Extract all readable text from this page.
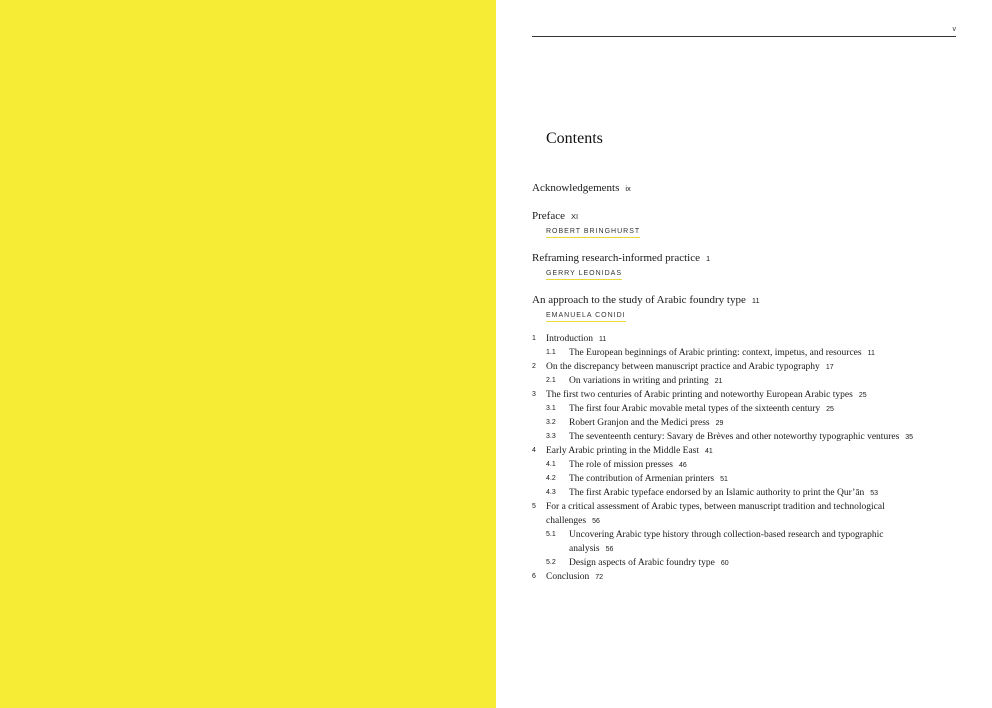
v
Contents
Acknowledgements ix
Preface XI
ROBERT BRINGHURST
Reframing research-informed practice 1
GERRY LEONIDAS
An approach to the study of Arabic foundry type 11
EMANUELA CONIDI
1 Introduction 11
1.1 The European beginnings of Arabic printing: context, impetus, and resources 11
2 On the discrepancy between manuscript practice and Arabic typography 17
2.1 On variations in writing and printing 21
3 The first two centuries of Arabic printing and noteworthy European Arabic types 25
3.1 The first four Arabic movable metal types of the sixteenth century 25
3.2 Robert Granjon and the Medici press 29
3.3 The seventeenth century: Savary de Brèves and other noteworthy typographic ventures 35
4 Early Arabic printing in the Middle East 41
4.1 The role of mission presses 46
4.2 The contribution of Armenian printers 51
4.3 The first Arabic typeface endorsed by an Islamic authority to print the Qur’ān 53
5 For a critical assessment of Arabic types, between manuscript tradition and technological
challenges 56
5.1 Uncovering Arabic type history through collection-based research and typographic
analysis 56
5.2 Design aspects of Arabic foundry type 60
6 Conclusion 72
